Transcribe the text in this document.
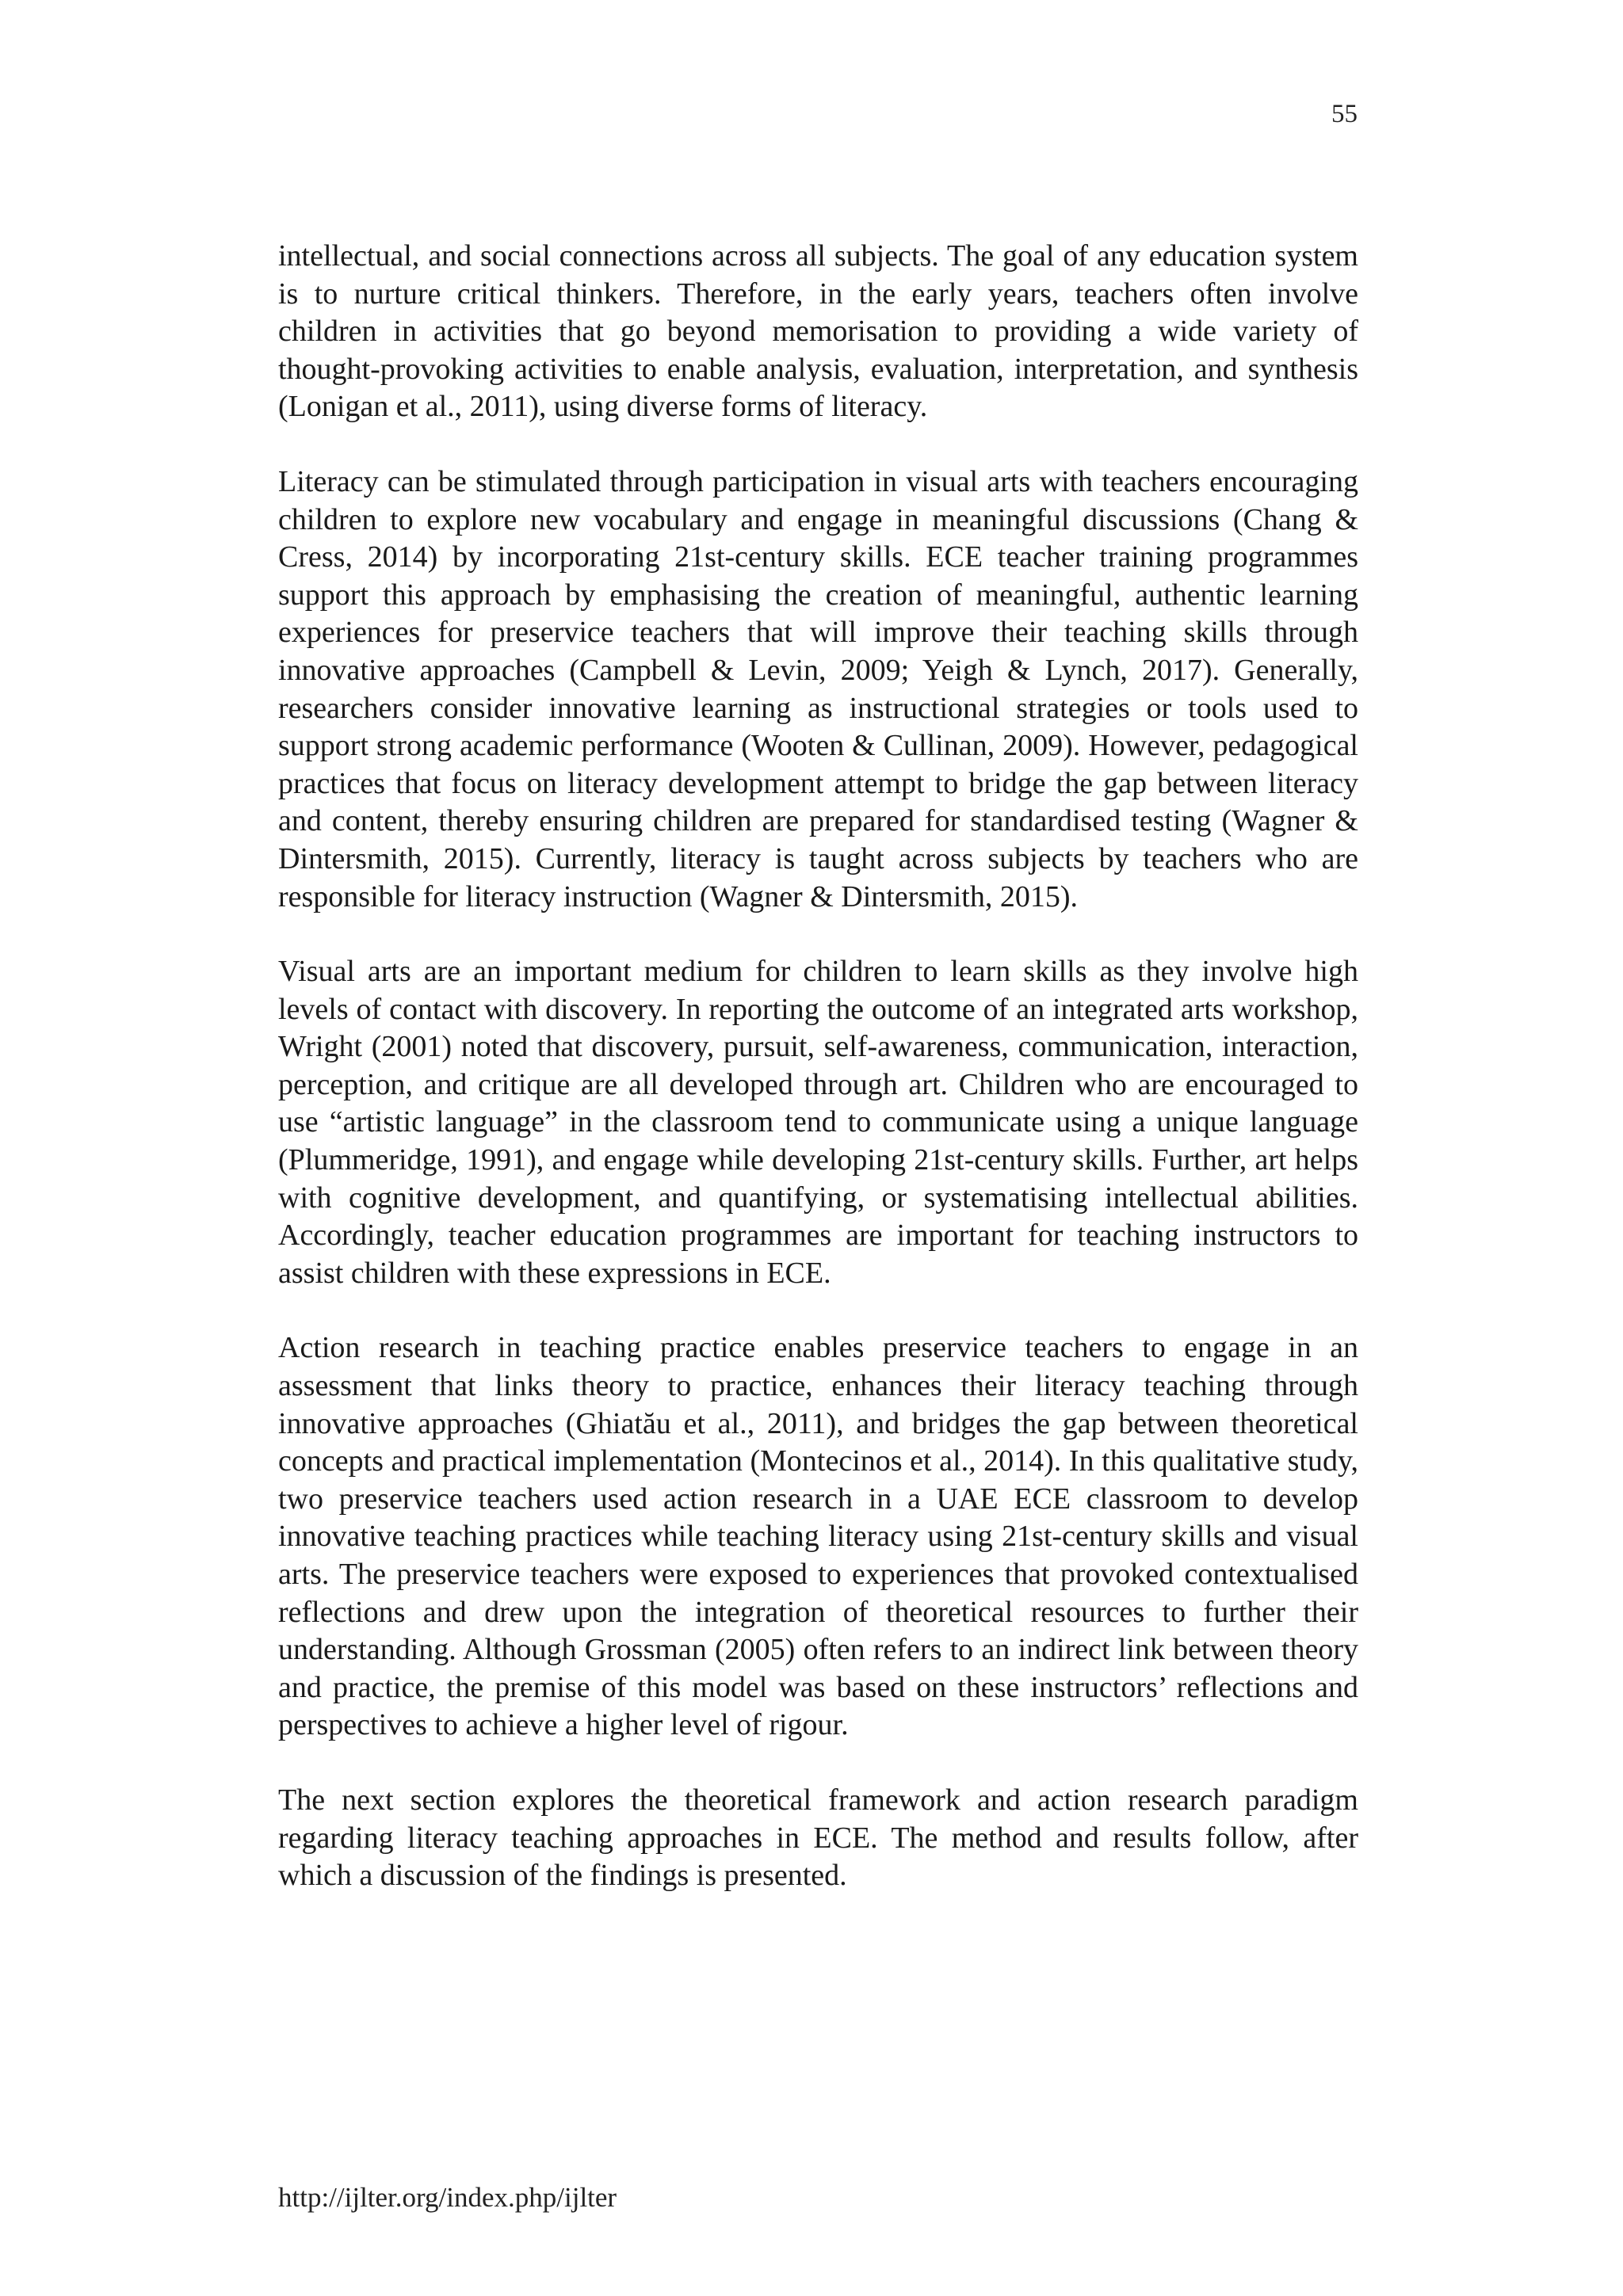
55

intellectual, and social connections across all subjects. The goal of any education system is to nurture critical thinkers. Therefore, in the early years, teachers often involve children in activities that go beyond memorisation to providing a wide variety of thought-provoking activities to enable analysis, evaluation, interpretation, and synthesis (Lonigan et al., 2011), using diverse forms of literacy.

Literacy can be stimulated through participation in visual arts with teachers encouraging children to explore new vocabulary and engage in meaningful discussions (Chang & Cress, 2014) by incorporating 21st-century skills. ECE teacher training programmes support this approach by emphasising the creation of meaningful, authentic learning experiences for preservice teachers that will improve their teaching skills through innovative approaches (Campbell & Levin, 2009; Yeigh & Lynch, 2017). Generally, researchers consider innovative learning as instructional strategies or tools used to support strong academic performance (Wooten & Cullinan, 2009). However, pedagogical practices that focus on literacy development attempt to bridge the gap between literacy and content, thereby ensuring children are prepared for standardised testing (Wagner & Dintersmith, 2015). Currently, literacy is taught across subjects by teachers who are responsible for literacy instruction (Wagner & Dintersmith, 2015).

Visual arts are an important medium for children to learn skills as they involve high levels of contact with discovery. In reporting the outcome of an integrated arts workshop, Wright (2001) noted that discovery, pursuit, self-awareness, communication, interaction, perception, and critique are all developed through art. Children who are encouraged to use “artistic language” in the classroom tend to communicate using a unique language (Plummeridge, 1991), and engage while developing 21st-century skills. Further, art helps with cognitive development, and quantifying, or systematising intellectual abilities. Accordingly, teacher education programmes are important for teaching instructors to assist children with these expressions in ECE.

Action research in teaching practice enables preservice teachers to engage in an assessment that links theory to practice, enhances their literacy teaching through innovative approaches (Ghiatău et al., 2011), and bridges the gap between theoretical concepts and practical implementation (Montecinos et al., 2014). In this qualitative study, two preservice teachers used action research in a UAE ECE classroom to develop innovative teaching practices while teaching literacy using 21st-century skills and visual arts. The preservice teachers were exposed to experiences that provoked contextualised reflections and drew upon the integration of theoretical resources to further their understanding. Although Grossman (2005) often refers to an indirect link between theory and practice, the premise of this model was based on these instructors’ reflections and perspectives to achieve a higher level of rigour.

The next section explores the theoretical framework and action research paradigm regarding literacy teaching approaches in ECE. The method and results follow, after which a discussion of the findings is presented.

http://ijlter.org/index.php/ijlter
